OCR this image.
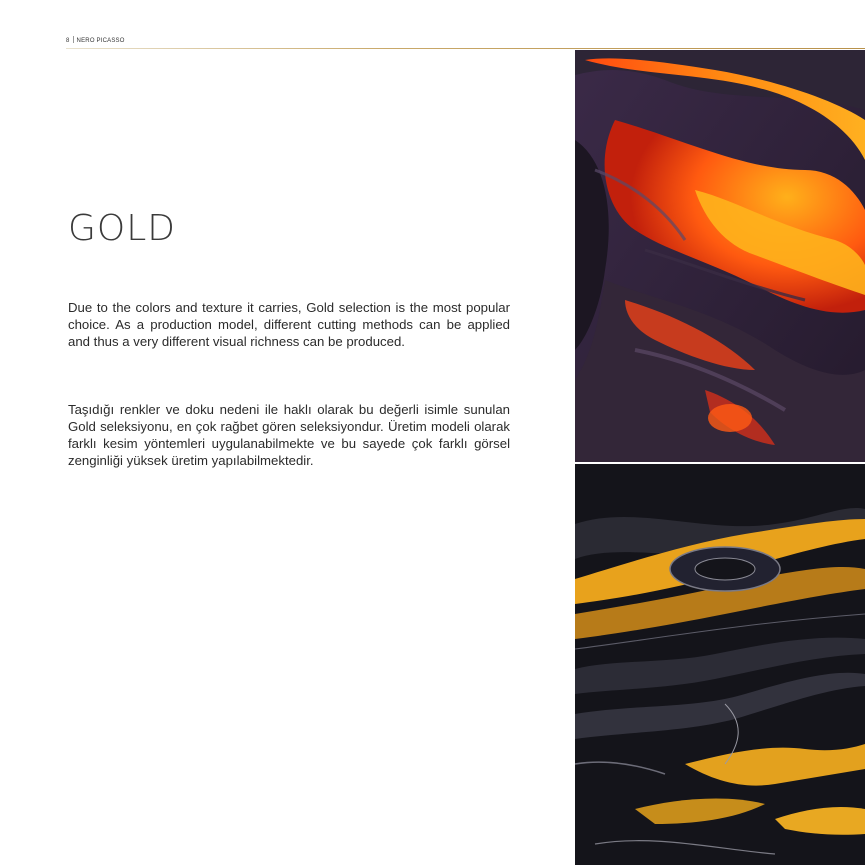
8 NERO PICASSO
GOLD

Due to the colors and texture it carries, Gold selection is the most popular choice. As a production model, different cutting methods can be applied and thus a very different visual richness can be produced.

Taşıdığı renkler ve doku nedeni ile haklı olarak bu değerli isimle sunulan Gold seleksiyonu, en çok rağbet gören seleksiyondur. Üretim modeli olarak farklı kesim yöntemleri uygulanabilmekte ve bu sayede çok farklı görsel zenginliği yüksek üretim yapılabilmektedir.
